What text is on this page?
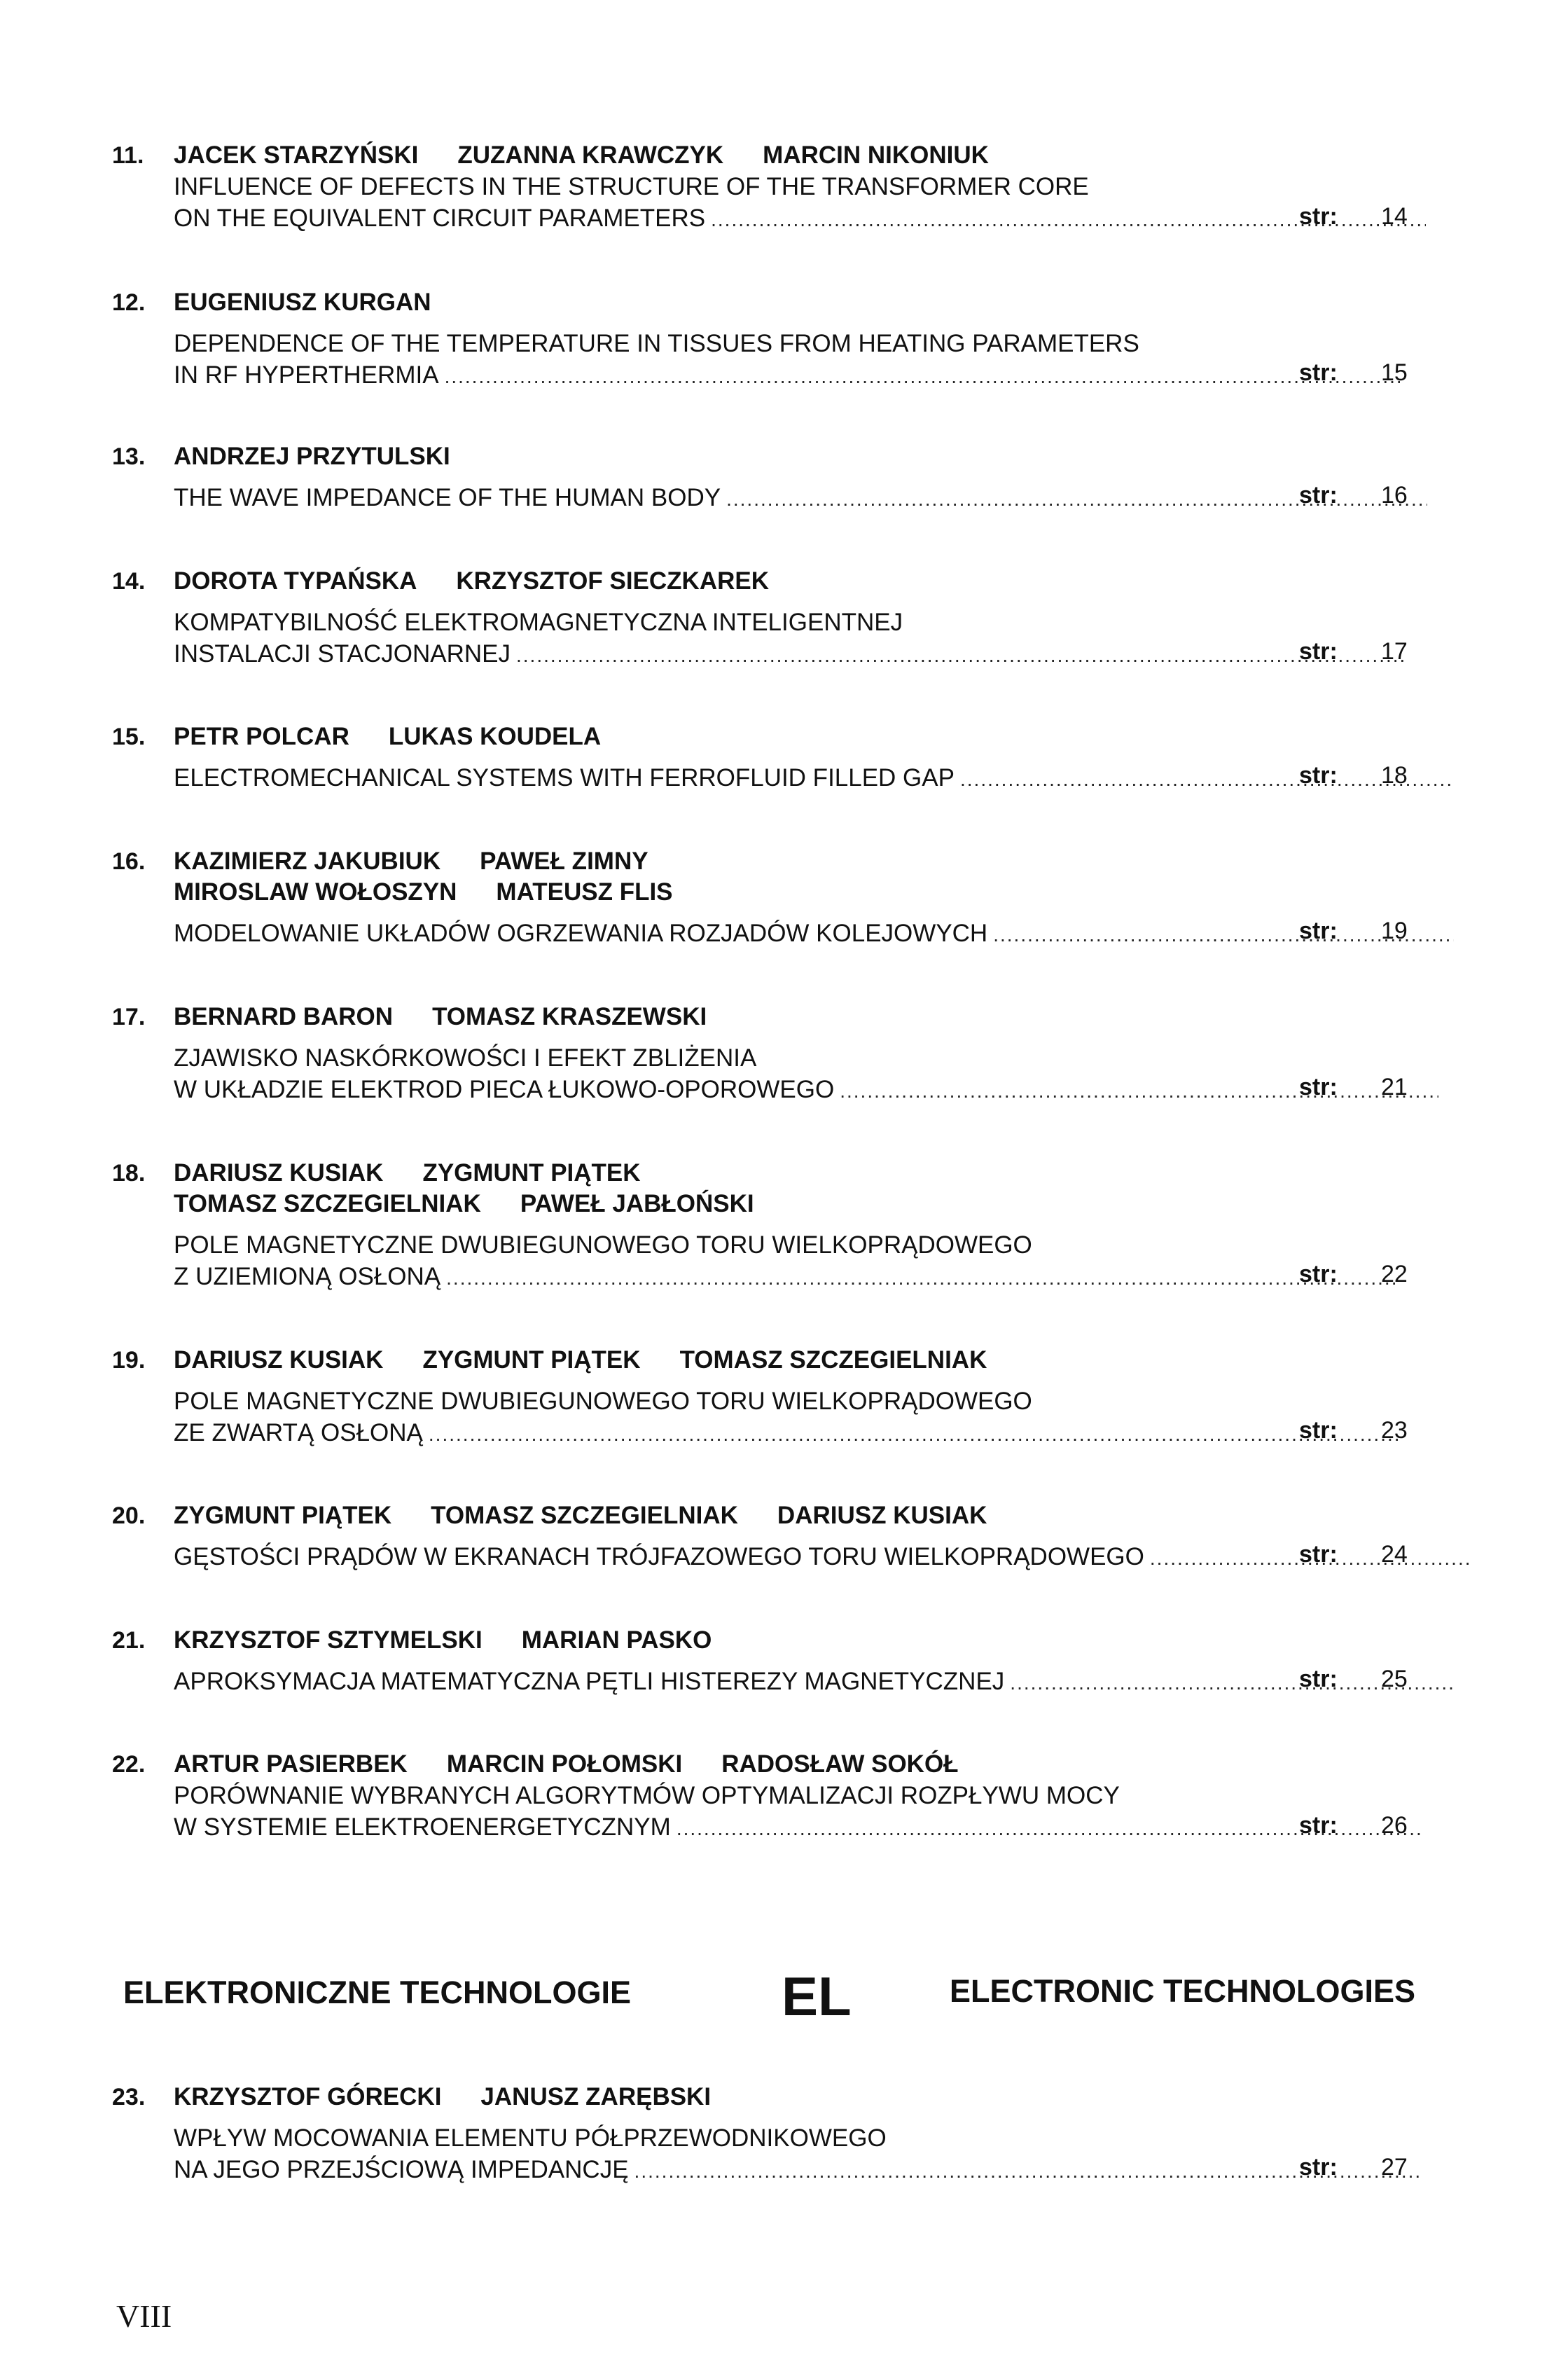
11. JACEK STARZYŃSKI ZUZANNA KRAWCZYK MARCIN NIKONIUK
INFLUENCE OF DEFECTS IN THE STRUCTURE OF THE TRANSFORMER CORE
ON THE EQUIVALENT CIRCUIT PARAMETERS .....	str: 14
12. EUGENIUSZ KURGAN
DEPENDENCE OF THE TEMPERATURE IN TISSUES FROM HEATING PARAMETERS
IN RF HYPERTHERMIA .....	str: 15
13. ANDRZEJ PRZYTULSKI
THE WAVE IMPEDANCE OF THE HUMAN BODY .....	str: 16
14. DOROTA TYPAŃSKA KRZYSZTOF SIECZKAREK
KOMPATYBILNOŚĆ ELEKTROMAGNETYCZNA INTELIGENTNEJ
INSTALACJI STACJONARNEJ .....	str: 17
15. PETR POLCAR LUKAS KOUDELA
ELECTROMECHANICAL SYSTEMS WITH FERROFLUID FILLED GAP .....	str: 18
16. KAZIMIERZ JAKUBIUK PAWEŁ ZIMNY
MIROSLAW WOŁOSZYN MATEUSZ FLIS
MODELOWANIE UKŁADÓW OGRZEWANIA ROZJADÓW KOLEJOWYCH .....	str: 19
17. BERNARD BARON TOMASZ KRASZEWSKI
ZJAWISKO NASKÓRKOWOŚCI I EFEKT ZBLIŻENIA
W UKŁADZIE ELEKTROD PIECA ŁUKOWO-OPOROWEGO .....	str: 21
18. DARIUSZ KUSIAK ZYGMUNT PIĄTEK
TOMASZ SZCZEGIELNIAK PAWEŁ JABŁOŃSKI
POLE MAGNETYCZNE DWUBIEGUNOWEGO TORU WIELKOPRĄDOWEGO
Z UZIEMIONĄ OSŁONĄ .....	str: 22
19. DARIUSZ KUSIAK ZYGMUNT PIĄTEK TOMASZ SZCZEGIELNIAK
POLE MAGNETYCZNE DWUBIEGUNOWEGO TORU WIELKOPRĄDOWEGO
ZE ZWARTĄ OSŁONĄ .....	str: 23
20. ZYGMUNT PIĄTEK TOMASZ SZCZEGIELNIAK DARIUSZ KUSIAK
GĘSTOŚCI PRĄDÓW W EKRANACH TRÓJFAZOWEGO TORU WIELKOPRĄDOWEGO .....	str: 24
21. KRZYSZTOF SZTYMELSKI MARIAN PASKO
APROKSYMACJA MATEMATYCZNA PĘTLI HISTEREZY MAGNETYCZNEJ .....	str: 25
22. ARTUR PASIERBEK MARCIN POŁOMSKI RADOSŁAW SOKÓŁ
PORÓWNANIE WYBRANYCH ALGORYTMÓW OPTYMALIZACJI ROZPŁYWU MOCY
W SYSTEMIE ELEKTROENERGETYCZNYM .....	str: 26
ELEKTRONICZNE TECHNOLOGIE	EL	ELECTRONIC TECHNOLOGIES
23. KRZYSZTOF GÓRECKI JANUSZ ZARĘBSKI
WPŁYW MOCOWANIA ELEMENTU PÓŁPRZEWODNIKOWEGO
NA JEGO PRZEJŚCIOWĄ IMPEDANCJĘ .....	str: 27
VIII
